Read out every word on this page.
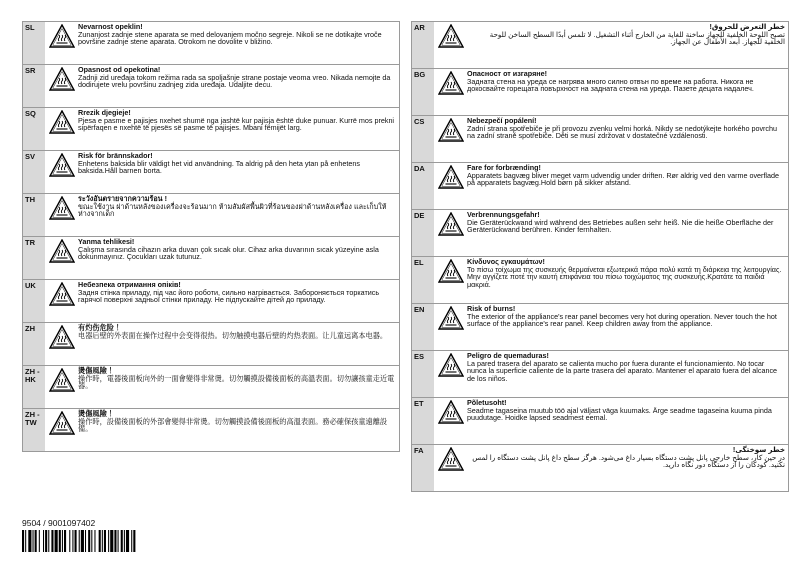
SL	Nevarnost opeklin!
Zunanjost zadnje stene aparata se med delovanjem močno segreje. Nikoli se ne dotikajte vroče površine zadnje stene aparata. Otrokom ne dovolite v bližino.
SR	Opasnost od opekotina!
Zadnji zid uređaja tokom režima rada sa spoljašnje strane postaje veoma vreo. Nikada nemojte da dodirujete vrelu površinu zadnjeg zida uređaja. Udaljite decu.
SQ	Rrezik djegieje!
Pjesa e pasme e pajisjes nxehet shumë nga jashtë kur pajisja është duke punuar. Kurrë mos prekni sipërfaqen e nxehtë të pjesës së pasme të pajisjes. Mbani fëmijët larg.
SV	Risk för brännskador!
Enhetens baksida blir väldigt het vid användning. Ta aldrig på den heta ytan på enhetens baksida.Håll barnen borta.
TH	ระวังอันตรายจากความร้อน !
ขณะใช้งาน ฝาด้านหลังของเครื่องจะร้อนมาก ห้ามสัมผัสพื้นผิวที่ร้อนของฝาด้านหลังเครื่อง และเก็บให้ห่างจากเด็ก
TR	Yanma tehlikesi!
Çalışma sırasında cihazın arka duvarı çok sıcak olur. Cihaz arka duvarının sıcak yüzeyine asla dokunmayınız. Çocukları uzak tutunuz.
UK	Небезпека отримання опіків!
Задня стінка приладу, під час його роботи, сильно нагрівається. Забороняється торкатись гарячої поверхні задньої стінки приладу. Не підпускайте дітей до приладу.
ZH	有灼伤危险 ！
电器后壁的外表面在操作过程中会变得很热。切勿触摸电器后壁的灼热表面。让儿童远离本电器。
ZH -HK
燙傷風險 ！
操作時，電器後面板向外的一面會變得非常燙。切勿觸摸設備後面板的高溫表面。切勿讓孩童走近電器。
ZH -TW
燙傷風險 ！
操作時，設備後面板的外部會變得非常燙。切勿觸摸設備後面板的高溫表面。務必確保孩童遠離設備。
AR	خطر التعرض للحروق!
تصبح اللوحة الخلفية للجهاز ساخنة للغاية من الخارج أثناء التشغيل. لا تلمس أبدًا السطح الساخن للوحة الخلفية للجهاز. أبعد الأطفال عن الجهاز.
BG	Опасност от изгаряне!
Задната стена на уреда се нагрява много силно отвън по време на работа. Никога не докосвайте горещата повърхност на задната стена на уреда. Пазете децата надалеч.
CS	Nebezpečí popálení!
Zadní strana spotřebiče je při provozu zvenku velmi horká. Nikdy se nedotýkejte horkého povrchu na zadní straně spotřebiče. Děti se musí zdržovat v dostatečné vzdálenosti.
DA	Fare for forbrænding!
Apparatets bagvæg bliver meget varm udvendig under driften. Rør aldrig ved den varme overflade på apparatets bagvæg.Hold børn på sikker afstand.
DE	Verbrennungsgefahr!
Die Geräterückwand wird während des Betriebes außen sehr heiß. Nie die heiße Oberfläche der Geräterückwand berühren. Kinder fernhalten.
EL	Κίνδυνος εγκαυμάτων!
Το πίσω τοίχωμα της συσκευής θερμαίνεται εξωτερικά πάρα πολύ κατά τη διάρκεια της λειτουργίας. Μην αγγίζετε ποτέ την καυτή επιφάνεια του πίσω τοιχώματος της συσκευής.Κρατάτε τα παιδιά μακριά.
EN	Risk of burns!
The exterior of the appliance's rear panel becomes very hot during operation. Never touch the hot surface of the appliance's rear panel. Keep children away from the appliance.
ES	Peligro de quemaduras!
La pared trasera del aparato se calienta mucho por fuera durante el funcionamiento. No tocar nunca la superficie caliente de la parte trasera del aparato. Mantener el aparato fuera del alcance de los niños.
ET	Põletusoht!
Seadme tagaseina muutub töö ajal väljast väga kuumaks. Ärge seadme tagaseina kuuma pinda puudutage. Hoidke lapsed seadmest eemal.
FA	خطر سوختگی!
در حین کار، سطح خارجی پانل پشت دستگاه بسیار داغ می‌شود. هرگز سطح داغ پانل پشت دستگاه را لمس نکنید. کودکان را از دستگاه دور نگاه دارید.
9504 / 9001097402
